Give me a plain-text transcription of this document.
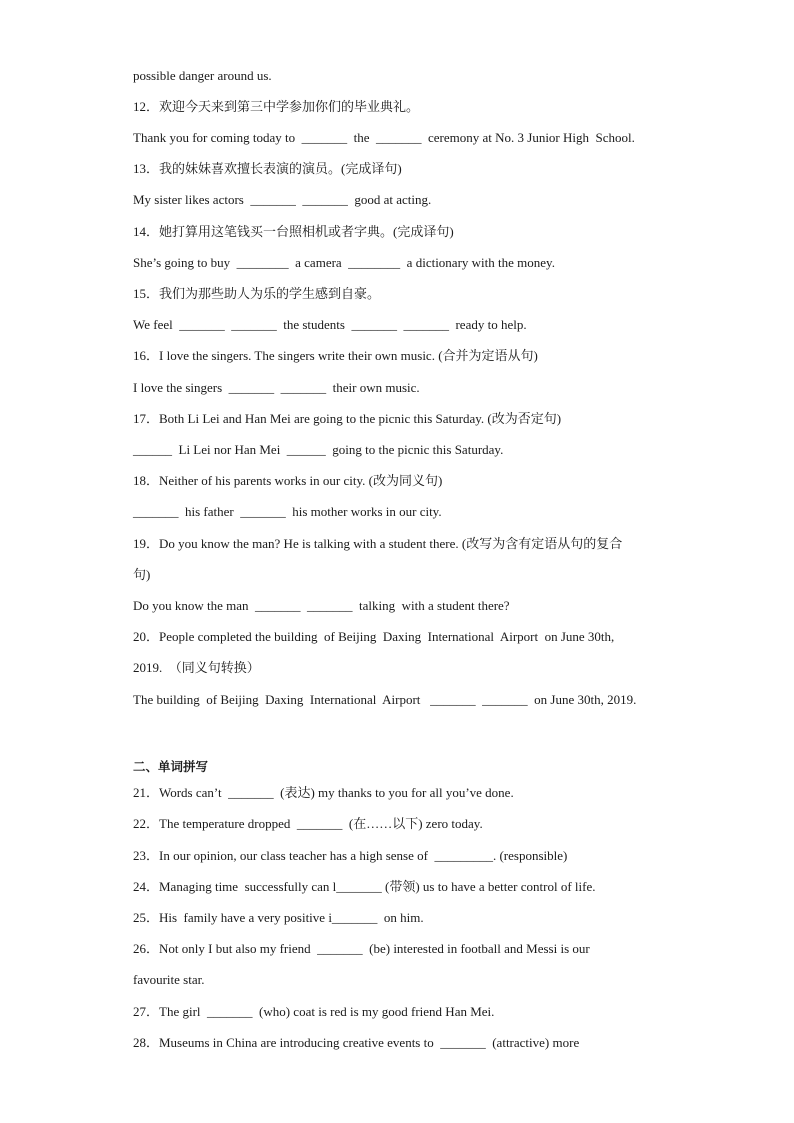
possible danger around us.
12．欢迎今天来到第三中学参加你们的毕业典礼。
Thank you for coming today to  _______  the  _______  ceremony at No. 3 Junior High  School.
13．我的妹妹喜欢擅长表演的演员。(完成译句)
My sister likes actors  _______  _______  good at acting.
14．她打算用这笔钱买一台照相机或者字典。(完成译句)
She’s going to buy  ________  a camera  ________  a dictionary with the money.
15．我们为那些助人为乐的学生感到自豪。
We feel  _______  _______  the students  _______  _______  ready to help.
16．I love the singers. The singers write their own music. (合并为定语从句)
I love the singers  _______  _______  their own music.
17．Both Li Lei and Han Mei are going to the picnic this Saturday. (改为否定句)
______  Li Lei nor Han Mei  ______  going to the picnic this Saturday.
18．Neither of his parents works in our city. (改为同义句)
_______  his father  _______  his mother works in our city.
19．Do you know the man? He is talking with a student there. (改写为含有定语从句的复合
句)
Do you know the man  _______  _______  talking  with a student there?
20．People completed the building  of Beijing  Daxing  International  Airport  on June 30th,
2019.  （同义句转换）
The building  of Beijing  Daxing  International  Airport   _______  _______  on June 30th, 2019.
二、单词拼写
21．Words can’t  _______  (表达) my thanks to you for all you’ve done.
22．The temperature dropped  _______  (在……以下) zero today.
23．In our opinion, our class teacher has a high sense of  _________. (responsible)
24．Managing time  successfully can l_______ (带领) us to have a better control of life.
25．His  family have a very positive i_______  on him.
26．Not only I but also my friend  _______  (be) interested in football and Messi is our
favourite star.
27．The girl  _______  (who) coat is red is my good friend Han Mei.
28．Museums in China are introducing creative events to  _______  (attractive) more
